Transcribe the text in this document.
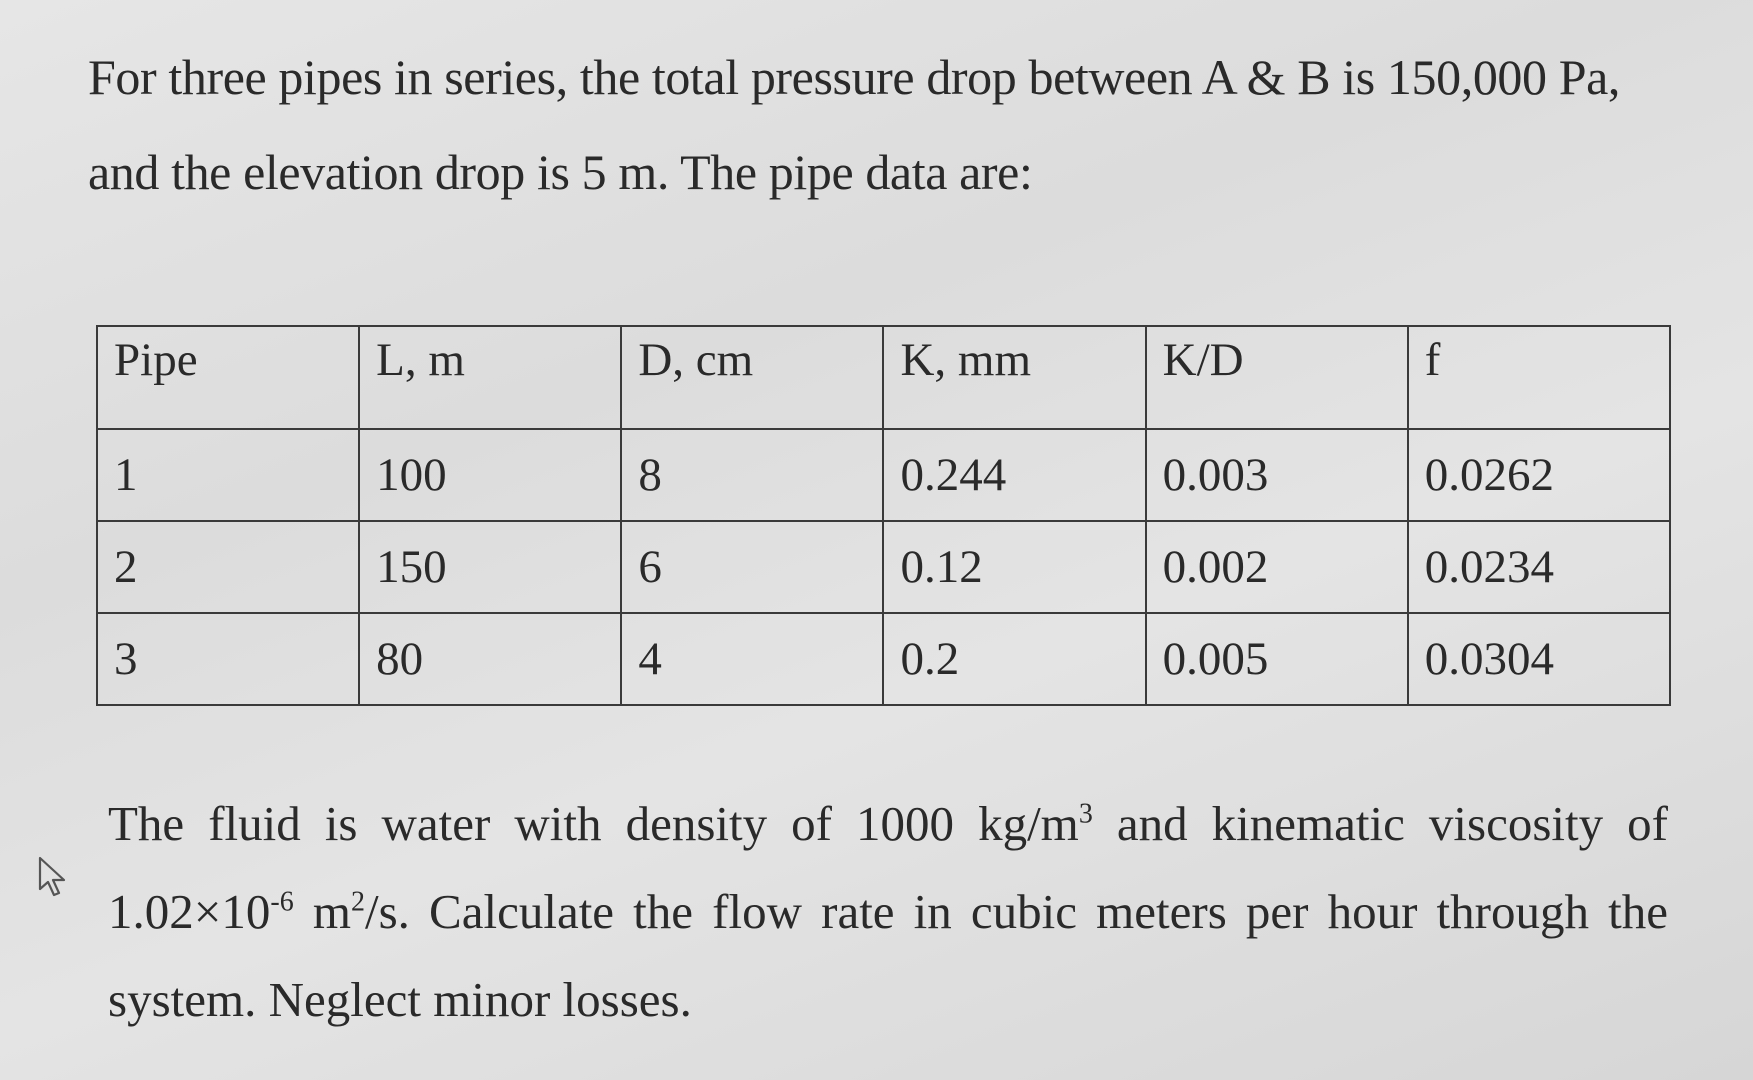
For three pipes in series, the total pressure drop between A & B is 150,000 Pa,
and the elevation drop is 5 m. The pipe data are:
Pipe	L, m	D, cm	K, mm	K/D	f
1	100	8	0.244	0.003	0.0262
2	150	6	0.12	0.002	0.0234
3	80	4	0.2	0.005	0.0304
The fluid is water with density of 1000 $kg/m^3$ and kinematic viscosity of
$1.02\times 10^{-6}$ $m^2/s$. Calculate the flow rate in cubic meters per hour through the
system. Neglect minor losses.
